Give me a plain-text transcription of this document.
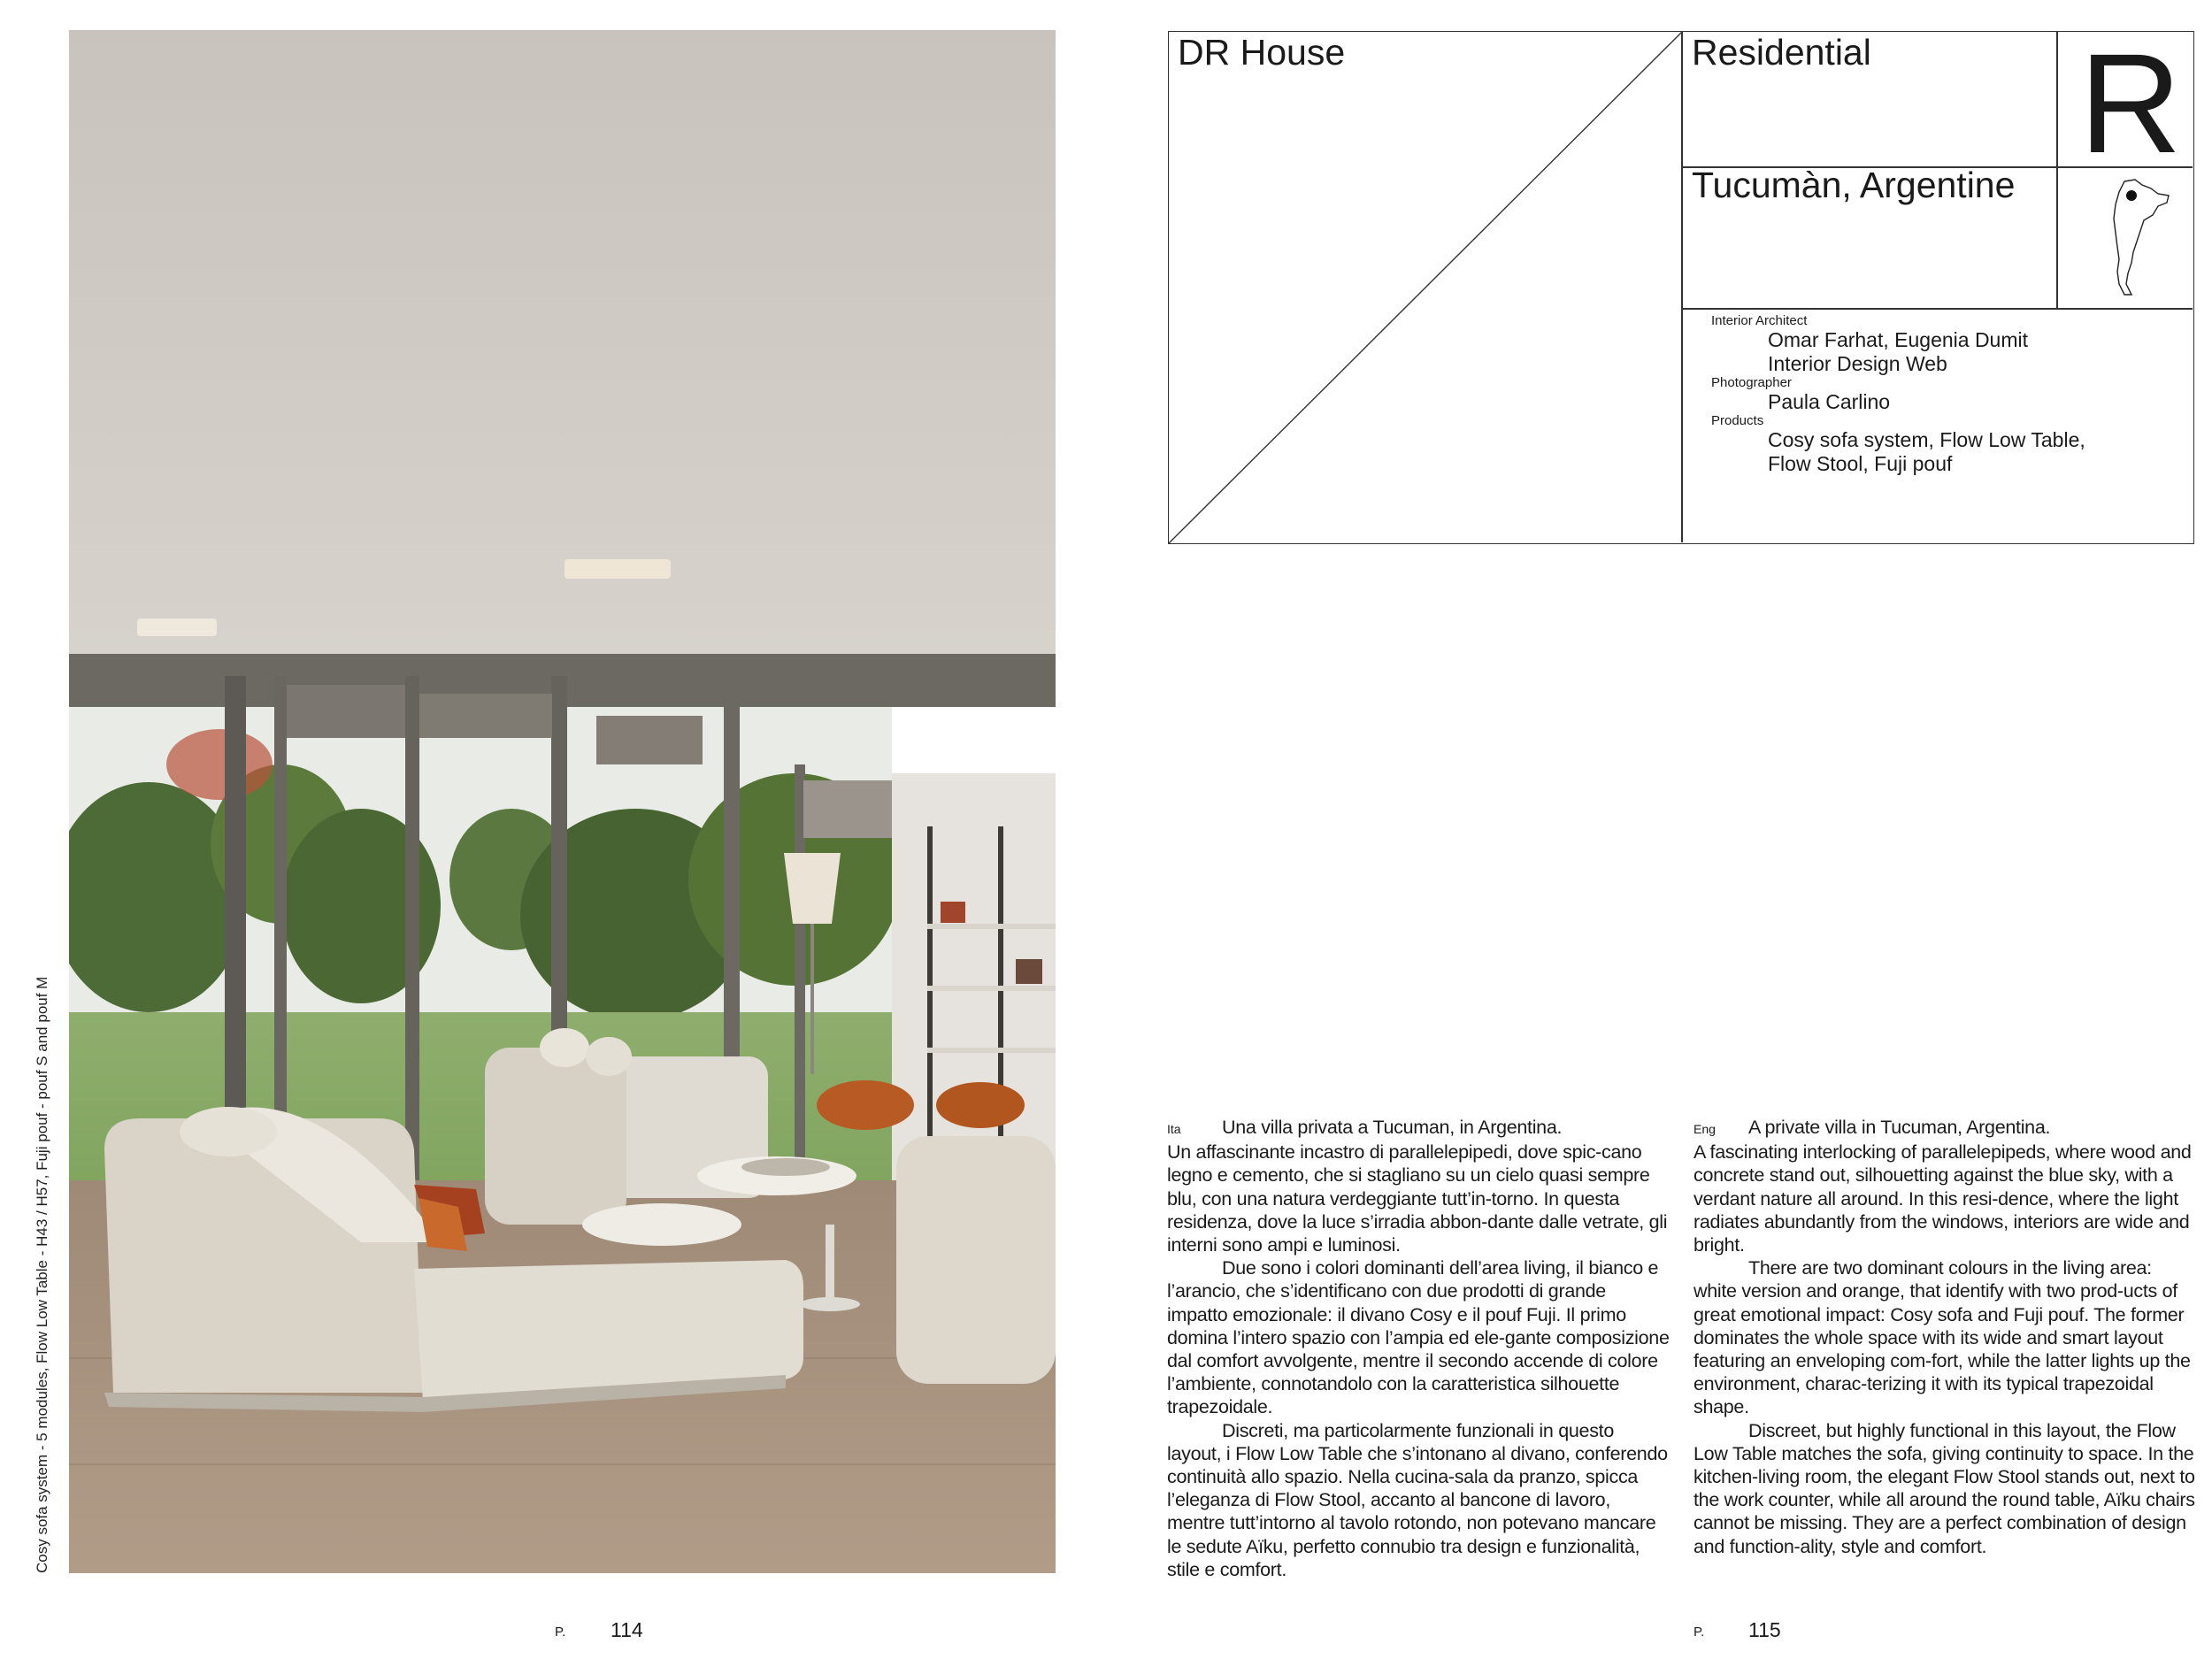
Cosy sofa system - 5 modules, Flow Low Table - H43 / H57, Fuji pouf - pouf S and pouf M
DR House	Residential R
Tucumàn, Argentine
Interior Architect
Omar Farhat, Eugenia Dumit
Interior Design Web
Photographer
Paula Carlino
Products
Cosy sofa system, Flow Low Table,
Flow Stool, Fuji pouf

Ita Una villa privata a Tucuman, in Argentina.

Un affascinante incastro di parallelepipedi, dove spic-cano legno e cemento, che si stagliano su un cielo quasi sempre blu, con una natura verdeggiante tutt’in-torno. In questa residenza, dove la luce s’irradia abbon-dante dalle vetrate, gli interni sono ampi e luminosi.

Due sono i colori dominanti dell’area living, il bianco e l’arancio, che s’identificano con due prodotti di grande impatto emozionale: il divano Cosy e il pouf Fuji. Il primo domina l’intero spazio con l’ampia ed ele-gante composizione dal comfort avvolgente, mentre il secondo accende di colore l’ambiente, connotandolo con la caratteristica silhouette trapezoidale.

Discreti, ma particolarmente funzionali in questo layout, i Flow Low Table che s’intonano al divano, conferendo continuità allo spazio. Nella cucina-sala da pranzo, spicca l’eleganza di Flow Stool, accanto al bancone di lavoro, mentre tutt’intorno al tavolo rotondo, non potevano mancare le sedute Aïku, perfetto connubio tra design e funzionalità, stile e comfort.

Eng A private villa in Tucuman, Argentina.

A fascinating interlocking of parallelepipeds, where wood and concrete stand out, silhouetting against the blue sky, with a verdant nature all around. In this resi-dence, where the light radiates abundantly from the windows, interiors are wide and bright.

There are two dominant colours in the living area: white version and orange, that identify with two prod-ucts of great emotional impact: Cosy sofa and Fuji pouf. The former dominates the whole space with its wide and smart layout featuring an enveloping com-fort, while the latter lights up the environment, charac-terizing it with its typical trapezoidal shape.

Discreet, but highly functional in this layout, the Flow Low Table matches the sofa, giving continuity to space. In the kitchen-living room, the elegant Flow Stool stands out, next to the work counter, while all around the round table, Aïku chairs cannot be missing. They are a perfect combination of design and function-ality, style and comfort.

P. 114	P. 115
